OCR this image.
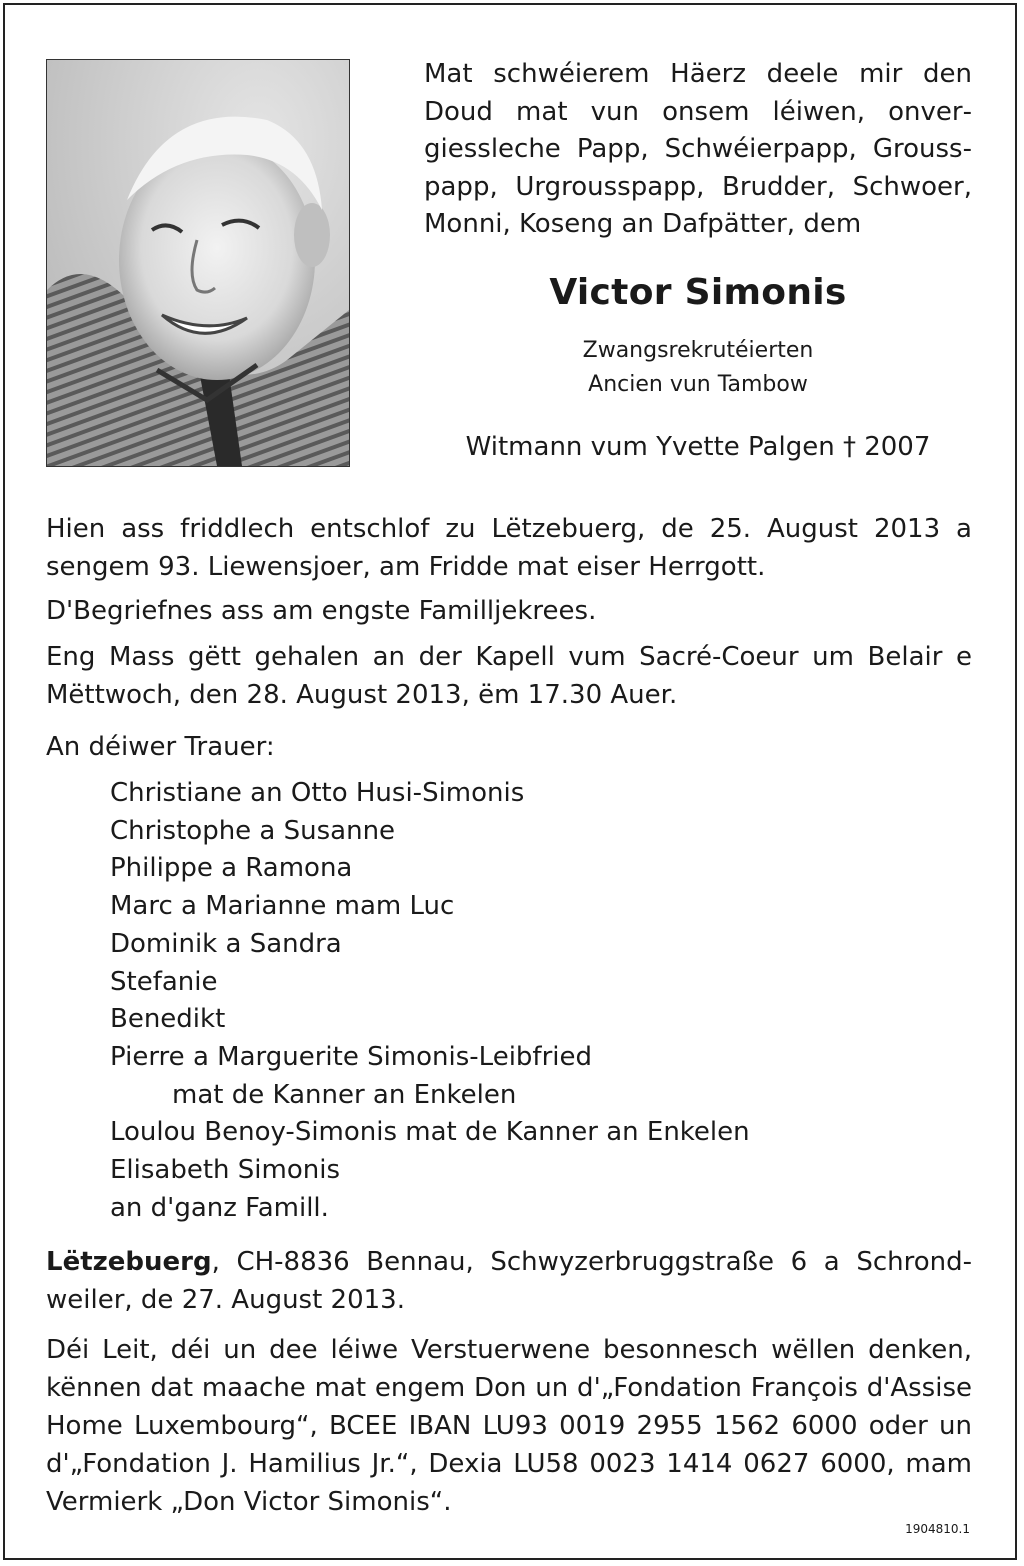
Mat schwéierem Häerz deele mir den Doud mat vun onsem léiwen, onvergiessleche Papp, Schwéierpapp, Grousspapp, Urgrousspapp, Brudder, Schwoer, Monni, Koseng an Dafpätter, dem

Victor Simonis

Zwangsrekrutéierten

Ancien vun Tambow

Witmann vum Yvette Palgen † 2007

Hien ass friddlech entschlof zu Lëtzebuerg, de 25. August 2013 a sengem 93. Liewensjoer, am Fridde mat eiser Herrgott.

D'Begriefnes ass am engste Familljekrees.

Eng Mass gëtt gehalen an der Kapell vum Sacré-Coeur um Belair e Mëttwoch, den 28. August 2013, ëm 17.30 Auer.

An déiwer Trauer:

Christiane an Otto Husi-Simonis
Christophe a Susanne
Philippe a Ramona
Marc a Marianne mam Luc
Dominik a Sandra
Stefanie
Benedikt
Pierre a Marguerite Simonis-Leibfried
mat de Kanner an Enkelen
Loulou Benoy-Simonis mat de Kanner an Enkelen
Elisabeth Simonis
an d'ganz Famill.

Lëtzebuerg, CH-8836 Bennau, Schwyzerbruggstraße 6 a Schrondweiler, de 27. August 2013.

Déi Leit, déi un dee léiwe Verstuerwene besonnesch wëllen denken, kënnen dat maache mat engem Don un d'„Fondation François d'Assise Home Luxembourg“, BCEE IBAN LU93 0019 2955 1562 6000 oder un d'„Fondation J. Hamilius Jr.“, Dexia LU58 0023 1414 0627 6000, mam Vermierk „Don Victor Simonis“.

1904810.1
